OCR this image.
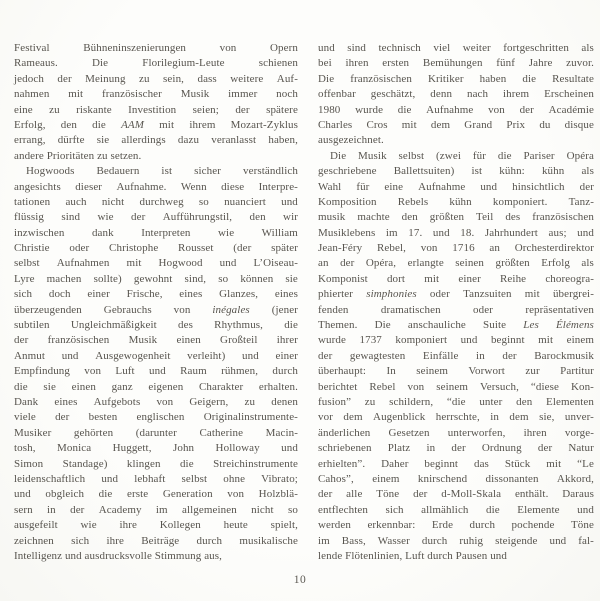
Festival	Bühneninszenierungen	von	Opern
Rameaus.	Die	Florilegium-Leute	schienen
jedoch der Meinung zu sein, dass weitere Auf-
nahmen mit französischer Musik immer noch
eine zu riskante Investition seien; der spätere
Erfolg, den die AAM mit ihrem Mozart-Zyklus
errang, dürfte sie allerdings dazu veranlasst haben,
andere Prioritäten zu setzen.
Hogwoods Bedauern ist sicher verständlich
angesichts dieser Aufnahme. Wenn diese Interpre-
tationen auch nicht durchweg so nuanciert und
flüssig sind wie der Aufführungstil, den wir
inzwischen dank Interpreten wie William
Christie oder Christophe Rousset (der später
selbst Aufnahmen mit Hogwood und L’Oiseau-
Lyre machen sollte) gewohnt sind, so können sie
sich doch einer Frische, eines Glanzes, eines
überzeugenden Gebrauchs von inégales (jener
subtilen Ungleichmäßigkeit des Rhythmus, die
der französischen Musik einen Großteil ihrer
Anmut und Ausgewogenheit verleiht) und einer
Empfindung von Luft und Raum rühmen, durch
die sie einen ganz eigenen Charakter erhalten.
Dank eines Aufgebots von Geigern, zu denen
viele der besten englischen Originalinstrumente-
Musiker gehörten (darunter Catherine Macin-
tosh, Monica Huggett, John Holloway und
Simon Standage) klingen die Streichinstrumente
leidenschaftlich und lebhaft selbst ohne Vibrato;
und obgleich die erste Generation von Holzblä-
sern in der Academy im allgemeinen nicht so
ausgefeilt wie ihre Kollegen heute spielt,
zeichnen sich ihre Beiträge durch musikalische
Intelligenz und ausdrucksvolle Stimmung aus,
und sind technisch viel weiter fortgeschritten als
bei ihren ersten Bemühungen fünf Jahre zuvor.
Die französischen Kritiker haben die Resultate
offenbar geschätzt, denn nach ihrem Erscheinen
1980 wurde die Aufnahme von der Académie
Charles Cros mit dem Grand Prix du disque
ausgezeichnet.
Die Musik selbst (zwei für die Pariser Opéra
geschriebene Ballettsuiten) ist kühn: kühn als
Wahl für eine Aufnahme und hinsichtlich der
Komposition Rebels kühn komponiert. Tanz-
musik machte den größten Teil des französischen
Musiklebens im 17. und 18. Jahrhundert aus; und
Jean-Féry Rebel, von 1716 an Orchesterdirektor
an der Opéra, erlangte seinen größten Erfolg als
Komponist dort mit einer Reihe choreogra-
phierter simphonies oder Tanzsuiten mit übergrei-
fenden	dramatischen	oder	repräsentativen
Themen. Die anschauliche Suite Les Élémens
wurde 1737 komponiert und beginnt mit einem
der gewagtesten Einfälle in der Barockmusik
überhaupt: In seinem Vorwort zur Partitur
berichtet Rebel von seinem Versuch, “diese Kon-
fusion” zu schildern, “die unter den Elementen
vor dem Augenblick herrschte, in dem sie, unver-
änderlichen Gesetzen unterworfen, ihren vorge-
schriebenen Platz in der Ordnung der Natur
erhielten”. Daher beginnt das Stück mit “Le
Cahos”, einem knirschend dissonanten Akkord,
der alle Töne der d-Moll-Skala enthält. Daraus
entflechten sich allmählich die Elemente und
werden erkennbar: Erde durch pochende Töne
im Bass, Wasser durch ruhig steigende und fal-
lende Flötenlinien, Luft durch Pausen und
10
